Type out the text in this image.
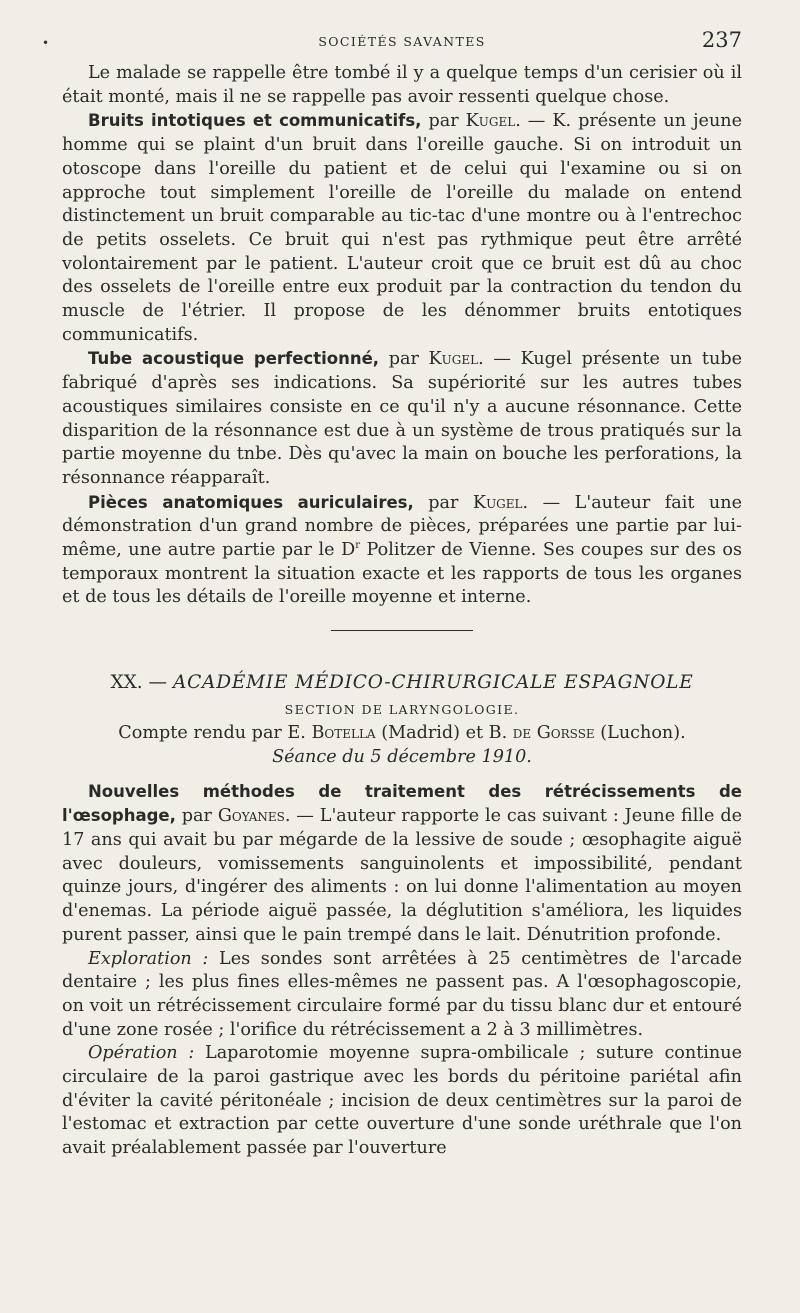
•	SOCIÉTÉS SAVANTES	237

Le malade se rappelle être tombé il y a quelque temps d'un cerisier où il était monté, mais il ne se rappelle pas avoir ressenti quelque chose.

Bruits intotiques et communicatifs, par Kugel. — K. présente un jeune homme qui se plaint d'un bruit dans l'oreille gauche. Si on introduit un otoscope dans l'oreille du patient et de celui qui l'examine ou si on approche tout simplement l'oreille de l'oreille du malade on entend distinctement un bruit comparable au tic-tac d'une montre ou à l'entrechoc de petits osselets. Ce bruit qui n'est pas rythmique peut être arrêté volontairement par le patient. L'auteur croit que ce bruit est dû au choc des osselets de l'oreille entre eux produit par la contraction du tendon du muscle de l'étrier. Il propose de les dénommer bruits entotiques communicatifs.

Tube acoustique perfectionné, par Kugel. — Kugel présente un tube fabriqué d'après ses indications. Sa supériorité sur les autres tubes acoustiques similaires consiste en ce qu'il n'y a aucune résonnance. Cette disparition de la résonnance est due à un système de trous pratiqués sur la partie moyenne du tnbe. Dès qu'avec la main on bouche les perforations, la résonnance réapparaît.

Pièces anatomiques auriculaires, par Kugel. — L'auteur fait une démonstration d'un grand nombre de pièces, préparées une partie par lui-même, une autre partie par le $D^r$ Politzer de Vienne. Ses coupes sur des os temporaux montrent la situation exacte et les rapports de tous les organes et de tous les détails de l'oreille moyenne et interne.

XX. — ACADÉMIE MÉDICO-CHIRURGICALE ESPAGNOLE
SECTION DE LARYNGOLOGIE.
Compte rendu par E. Botella (Madrid) et B. de Gorsse (Luchon).
Séance du 5 décembre 1910.

Nouvelles méthodes de traitement des rétrécissements de l'œsophage, par Goyanes. — L'auteur rapporte le cas suivant : Jeune fille de 17 ans qui avait bu par mégarde de la lessive de soude ; œsophagite aiguë avec douleurs, vomissements sanguinolents et impossibilité, pendant quinze jours, d'ingérer des aliments : on lui donne l'alimentation au moyen d'enemas. La période aiguë passée, la déglutition s'améliora, les liquides purent passer, ainsi que le pain trempé dans le lait. Dénutrition profonde.

Exploration : Les sondes sont arrêtées à 25 centimètres de l'arcade dentaire ; les plus fines elles-mêmes ne passent pas. A l'œsophagoscopie, on voit un rétrécissement circulaire formé par du tissu blanc dur et entouré d'une zone rosée ; l'orifice du rétrécissement a 2 à 3 millimètres.

Opération : Laparotomie moyenne supra-ombilicale ; suture continue circulaire de la paroi gastrique avec les bords du péritoine pariétal afin d'éviter la cavité péritonéale ; incision de deux centimètres sur la paroi de l'estomac et extraction par cette ouverture d'une sonde uréthrale que l'on avait préalablement passée par l'ouverture
